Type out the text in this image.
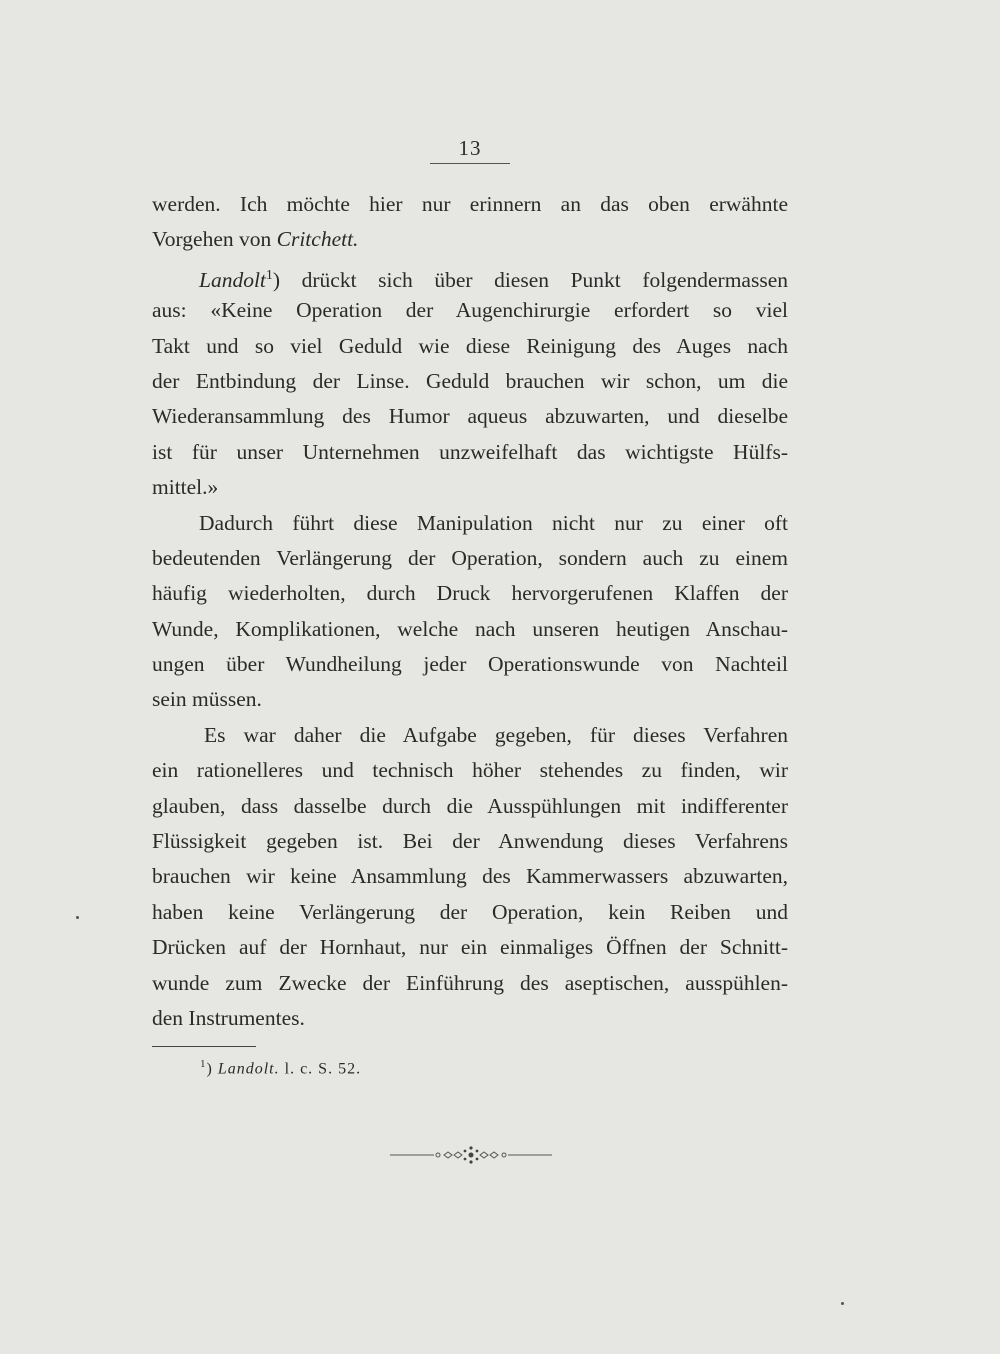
13
werden. Ich möchte hier nur erinnern an das oben erwähnte
Vorgehen von Critchett.
Landolt$^1$) drückt sich über diesen Punkt folgendermassen
aus: «Keine Operation der Augenchirurgie erfordert so viel
Takt und so viel Geduld wie diese Reinigung des Auges nach
der Entbindung der Linse. Geduld brauchen wir schon, um die
Wiederansammlung des Humor aqueus abzuwarten, und dieselbe
ist für unser Unternehmen unzweifelhaft das wichtigste Hülfs-
mittel.»
Dadurch führt diese Manipulation nicht nur zu einer oft
bedeutenden Verlängerung der Operation, sondern auch zu einem
häufig wiederholten, durch Druck hervorgerufenen Klaffen der
Wunde, Komplikationen, welche nach unseren heutigen Anschau-
ungen über Wundheilung jeder Operationswunde von Nachteil
sein müssen.
Es war daher die Aufgabe gegeben, für dieses Verfahren
ein rationelleres und technisch höher stehendes zu finden, wir
glauben, dass dasselbe durch die Ausspühlungen mit indifferenter
Flüssigkeit gegeben ist. Bei der Anwendung dieses Verfahrens
brauchen wir keine Ansammlung des Kammerwassers abzuwarten,
haben keine Verlängerung der Operation, kein Reiben und
Drücken auf der Hornhaut, nur ein einmaliges Öffnen der Schnitt-
wunde zum Zwecke der Einführung des aseptischen, ausspühlen-
den Instrumentes.
$^1$) Landolt. l. c. S. 52.
